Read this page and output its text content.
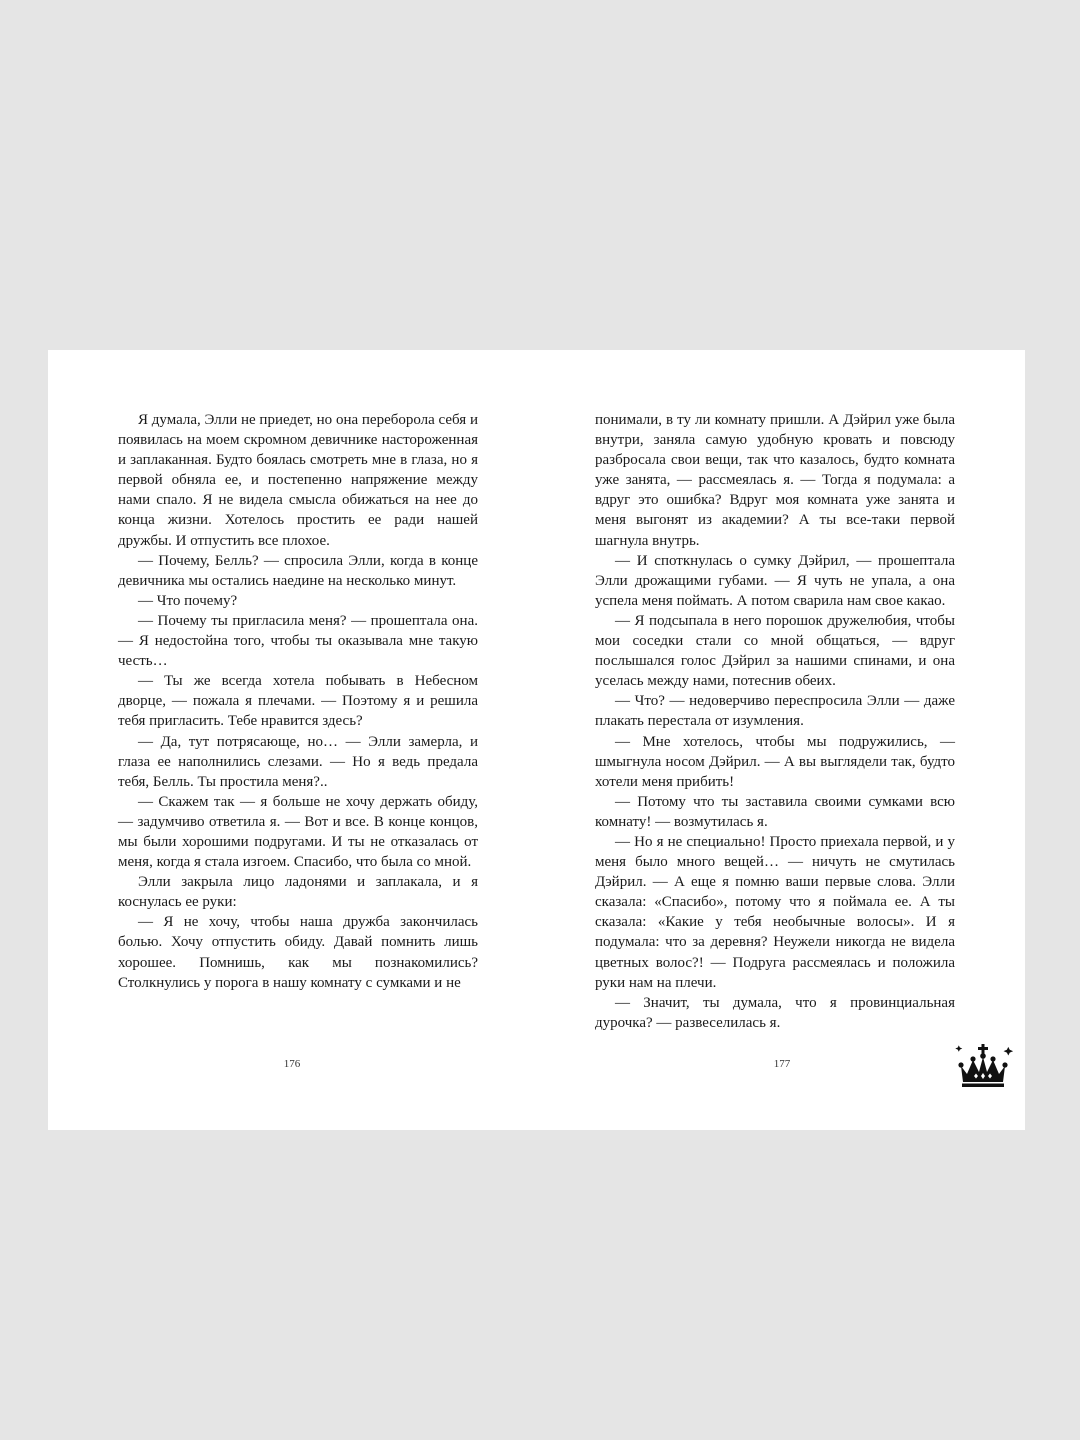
Я думала, Элли не приедет, но она переборола себя и появилась на моем скромном девичнике настороженная и заплаканная. Будто боялась смотреть мне в глаза, но я первой обняла ее, и постепенно напряжение между нами спало. Я не видела смысла обижаться на нее до конца жизни. Хотелось простить ее ради нашей дружбы. И отпустить все плохое.

— Почему, Белль? — спросила Элли, когда в конце девичника мы остались наедине на несколько минут.

— Что почему?

— Почему ты пригласила меня? — прошептала она. — Я недостойна того, чтобы ты оказывала мне такую честь…

— Ты же всегда хотела побывать в Небесном дворце, — пожала я плечами. — Поэтому я и решила тебя пригласить. Тебе нравится здесь?

— Да, тут потрясающе, но… — Элли замерла, и глаза ее наполнились слезами. — Но я ведь предала тебя, Белль. Ты простила меня?..

— Скажем так — я больше не хочу держать обиду, — задумчиво ответила я. — Вот и все. В конце концов, мы были хорошими подругами. И ты не отказалась от меня, когда я стала изгоем. Спасибо, что была со мной.

Элли закрыла лицо ладонями и заплакала, и я коснулась ее руки:

— Я не хочу, чтобы наша дружба закончилась болью. Хочу отпустить обиду. Давай помнить лишь хорошее. Помнишь, как мы познакомились? Столкнулись у порога в нашу комнату с сумками и не

176

понимали, в ту ли комнату пришли. А Дэйрил уже была внутри, заняла самую удобную кровать и повсюду разбросала свои вещи, так что казалось, будто комната уже занята, — рассмеялась я. — Тогда я подумала: а вдруг это ошибка? Вдруг моя комната уже занята и меня выгонят из академии? А ты все-таки первой шагнула внутрь.

— И споткнулась о сумку Дэйрил, — прошептала Элли дрожащими губами. — Я чуть не упала, а она успела меня поймать. А потом сварила нам свое какао.

— Я подсыпала в него порошок дружелюбия, чтобы мои соседки стали со мной общаться, — вдруг послышался голос Дэйрил за нашими спинами, и она уселась между нами, потеснив обеих.

— Что? — недоверчиво переспросила Элли — даже плакать перестала от изумления.

— Мне хотелось, чтобы мы подружились, — шмыгнула носом Дэйрил. — А вы выглядели так, будто хотели меня прибить!

— Потому что ты заставила своими сумками всю комнату! — возмутилась я.

— Но я не специально! Просто приехала первой, и у меня было много вещей… — ничуть не смутилась Дэйрил. — А еще я помню ваши первые слова. Элли сказала: «Спасибо», потому что я поймала ее. А ты сказала: «Какие у тебя необычные волосы». И я подумала: что за деревня? Неужели никогда не видела цветных волос?! — Подруга рассмеялась и положила руки нам на плечи.

— Значит, ты думала, что я провинциальная дурочка? — развеселилась я.

177
